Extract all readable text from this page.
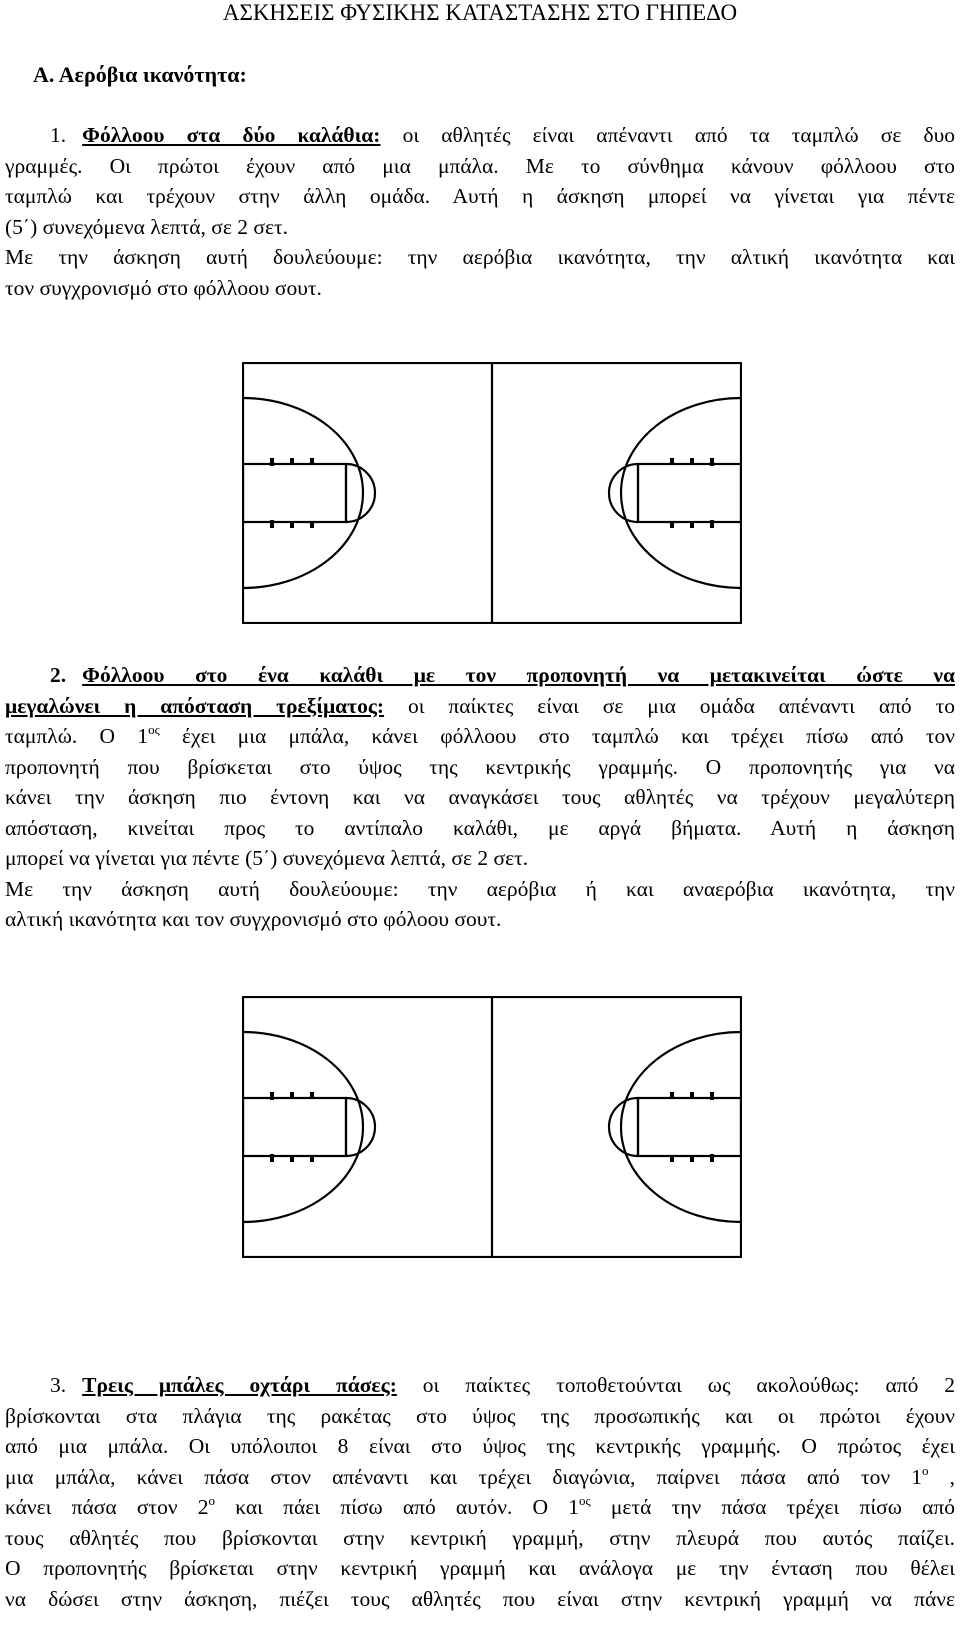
ΑΣΚΗΣΕΙΣ ΦΥΣΙΚΗΣ ΚΑΤΑΣΤΑΣΗΣ ΣΤΟ ΓΗΠΕΔΟ
Α. Αερόβια ικανότητα:
1. Φόλλοου στα δύο καλάθια: οι αθλητές είναι απέναντι από τα ταμπλώ σε δυο
γραμμές. Οι πρώτοι έχουν από μια μπάλα. Με το σύνθημα κάνουν φόλλοου στο
ταμπλώ και τρέχουν στην άλλη ομάδα. Αυτή η άσκηση μπορεί να γίνεται για πέντε
(5΄) συνεχόμενα λεπτά, σε 2 σετ.
Με την άσκηση αυτή δουλεύουμε: την αερόβια ικανότητα, την αλτική ικανότητα και
τον συγχρονισμό στο φόλλοου σουτ.
2. Φόλλοου στο ένα καλάθι με τον προπονητή να μετακινείται ώστε να
μεγαλώνει η απόσταση τρεξίματος: οι παίκτες είναι σε μια ομάδα απέναντι από το
ταμπλώ. Ο $1^{o\varsigma}$ έχει μια μπάλα, κάνει φόλλοου στο ταμπλώ και τρέχει πίσω από τον
προπονητή που βρίσκεται στο ύψος της κεντρικής γραμμής. Ο προπονητής για να
κάνει την άσκηση πιο έντονη και να αναγκάσει τους αθλητές να τρέχουν μεγαλύτερη
απόσταση, κινείται προς το αντίπαλο καλάθι, με αργά βήματα. Αυτή η άσκηση
μπορεί να γίνεται για πέντε (5΄) συνεχόμενα λεπτά, σε 2 σετ.
Με την άσκηση αυτή δουλεύουμε: την αερόβια ή και αναερόβια ικανότητα, την
αλτική ικανότητα και τον συγχρονισμό στο φόλοου σουτ.
3. Τρεις μπάλες οχτάρι πάσες: οι παίκτες τοποθετούνται ως ακολούθως: από 2
βρίσκονται στα πλάγια της ρακέτας στο ύψος της προσωπικής και οι πρώτοι έχουν
από μια μπάλα. Οι υπόλοιποι 8 είναι στο ύψος της κεντρικής γραμμής. Ο πρώτος έχει
μια μπάλα, κάνει πάσα στον απέναντι και τρέχει διαγώνια, παίρνει πάσα από τον $1^o$ ,
κάνει πάσα στον $2^o$ και πάει πίσω από αυτόν. Ο $1^{o\varsigma}$ μετά την πάσα τρέχει πίσω από
τους αθλητές που βρίσκονται στην κεντρική γραμμή, στην πλευρά που αυτός παίζει.
Ο προπονητής βρίσκεται στην κεντρική γραμμή και ανάλογα με την ένταση που θέλει
να δώσει στην άσκηση, πιέζει τους αθλητές που είναι στην κεντρική γραμμή να πάνε
